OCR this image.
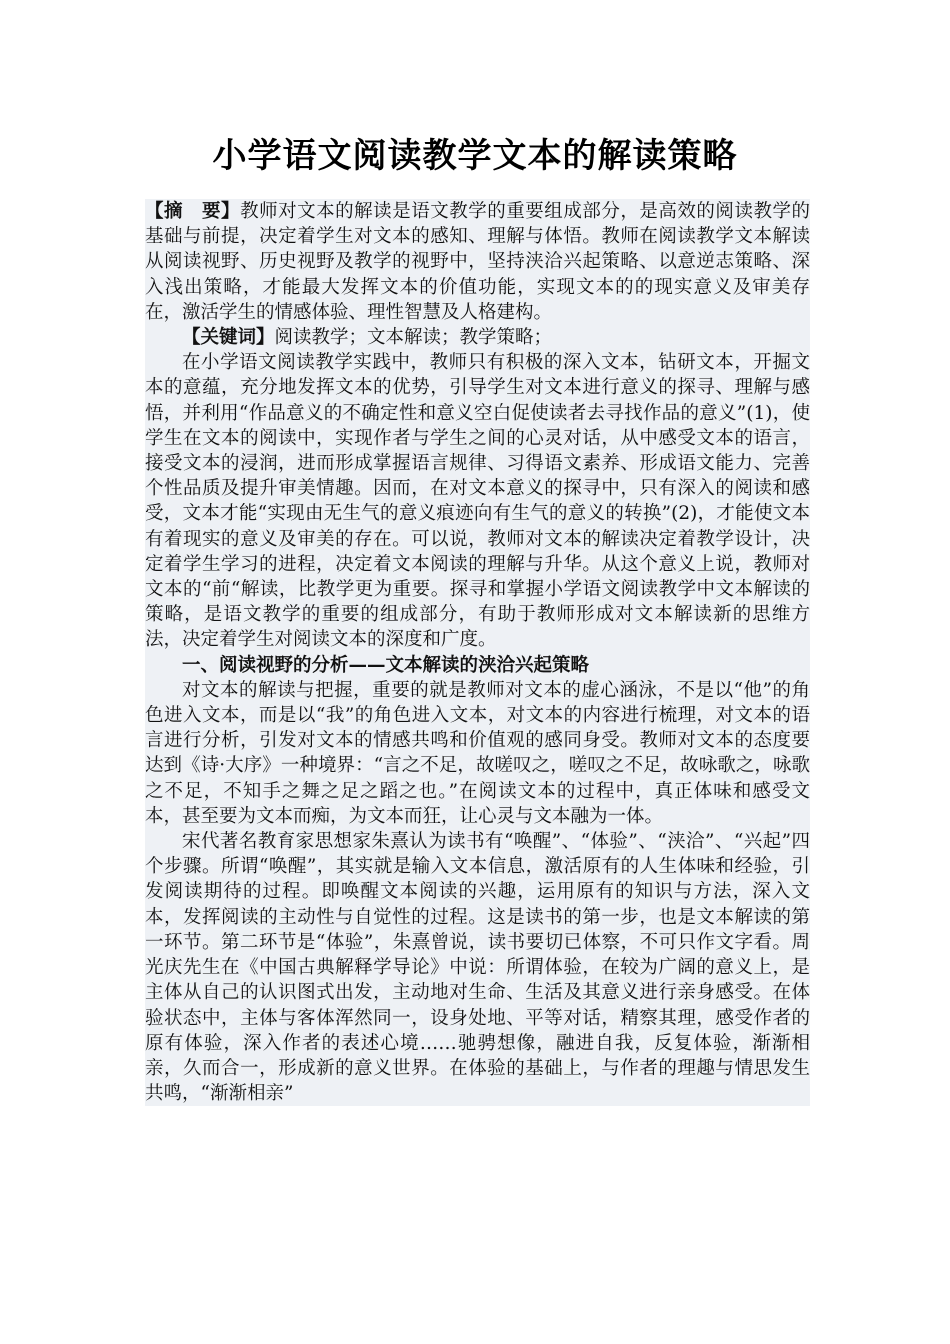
小学语文阅读教学文本的解读策略

【摘　要】教师对文本的解读是语文教学的重要组成部分，是高效的阅读教学的基础与前提，决定着学生对文本的感知、理解与体悟。教师在阅读教学文本解读从阅读视野、历史视野及教学的视野中，坚持浃洽兴起策略、以意逆志策略、深入浅出策略，才能最大发挥文本的价值功能，实现文本的的现实意义及审美存在，激活学生的情感体验、理性智慧及人格建构。

【关键词】阅读教学；文本解读；教学策略；

在小学语文阅读教学实践中，教师只有积极的深入文本，钻研文本，开掘文本的意蕴，充分地发挥文本的优势，引导学生对文本进行意义的探寻、理解与感悟，并利用“作品意义的不确定性和意义空白促使读者去寻找作品的意义”(1)，使学生在文本的阅读中，实现作者与学生之间的心灵对话，从中感受文本的语言，接受文本的浸润，进而形成掌握语言规律、习得语文素养、形成语文能力、完善个性品质及提升审美情趣。因而，在对文本意义的探寻中，只有深入的阅读和感受，文本才能“实现由无生气的意义痕迹向有生气的意义的转换”(2)，才能使文本有着现实的意义及审美的存在。可以说，教师对文本的解读决定着教学设计，决定着学生学习的进程，决定着文本阅读的理解与升华。从这个意义上说，教师对文本的“前“解读，比教学更为重要。探寻和掌握小学语文阅读教学中文本解读的策略，是语文教学的重要的组成部分，有助于教师形成对文本解读新的思维方法，决定着学生对阅读文本的深度和广度。

一、阅读视野的分析——文本解读的浃洽兴起策略

对文本的解读与把握，重要的就是教师对文本的虚心涵泳，不是以“他”的角色进入文本，而是以“我”的角色进入文本，对文本的内容进行梳理，对文本的语言进行分析，引发对文本的情感共鸣和价值观的感同身受。教师对文本的态度要达到《诗·大序》一种境界：“言之不足，故嗟叹之，嗟叹之不足，故咏歌之，咏歌之不足，不知手之舞之足之蹈之也。”在阅读文本的过程中，真正体味和感受文本，甚至要为文本而痴，为文本而狂，让心灵与文本融为一体。

宋代著名教育家思想家朱熹认为读书有“唤醒”、“体验”、“浃洽”、“兴起”四个步骤。所谓“唤醒”，其实就是输入文本信息，激活原有的人生体味和经验，引发阅读期待的过程。即唤醒文本阅读的兴趣，运用原有的知识与方法，深入文本，发挥阅读的主动性与自觉性的过程。这是读书的第一步，也是文本解读的第一环节。第二环节是“体验”，朱熹曾说，读书要切已体察，不可只作文字看。周光庆先生在《中国古典解释学导论》中说：所谓体验，在较为广阔的意义上，是主体从自己的认识图式出发，主动地对生命、生活及其意义进行亲身感受。在体验状态中，主体与客体浑然同一，设身处地、平等对话，精察其理，感受作者的原有体验，深入作者的表述心境……驰骋想像，融进自我，反复体验，渐渐相亲，久而合一，形成新的意义世界。在体验的基础上，与作者的理趣与情思发生共鸣，“渐渐相亲”
